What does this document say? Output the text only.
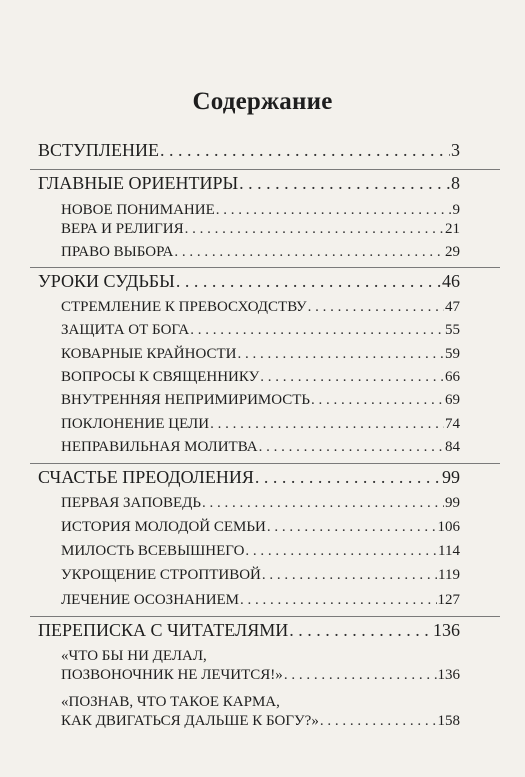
Содержание
ВСТУПЛЕНИЕ . . .	3
ГЛАВНЫЕ ОРИЕНТИРЫ . . .	8
НОВОЕ ПОНИМАНИЕ . . .	9
ВЕРА И РЕЛИГИЯ . . .	21
ПРАВО ВЫБОРА . . .	29
УРОКИ СУДЬБЫ . . .	46
СТРЕМЛЕНИЕ К ПРЕВОСХОДСТВУ . . .	47
ЗАЩИТА ОТ БОГА . . .	55
КОВАРНЫЕ КРАЙНОСТИ . . .	59
ВОПРОСЫ К СВЯЩЕННИКУ . . .	66
ВНУТРЕННЯЯ НЕПРИМИРИМОСТЬ . . .	69
ПОКЛОНЕНИЕ ЦЕЛИ . . .	74
НЕПРАВИЛЬНАЯ МОЛИТВА . . .	84
СЧАСТЬЕ ПРЕОДОЛЕНИЯ . . .	99
ПЕРВАЯ ЗАПОВЕДЬ . . .	99
ИСТОРИЯ МОЛОДОЙ СЕМЬИ . . .	106
МИЛОСТЬ ВСЕВЫШНЕГО . . .	114
УКРОЩЕНИЕ СТРОПТИВОЙ . . .	119
ЛЕЧЕНИЕ ОСОЗНАНИЕМ . . .	127
ПЕРЕПИСКА С ЧИТАТЕЛЯМИ . . .	136
«ЧТО БЫ НИ ДЕЛАЛ,
ПОЗВОНОЧНИК НЕ ЛЕЧИТСЯ!» . . .	136
«ПОЗНАВ, ЧТО ТАКОЕ КАРМА,
КАК ДВИГАТЬСЯ ДАЛЬШЕ К БОГУ?» . . .	158
